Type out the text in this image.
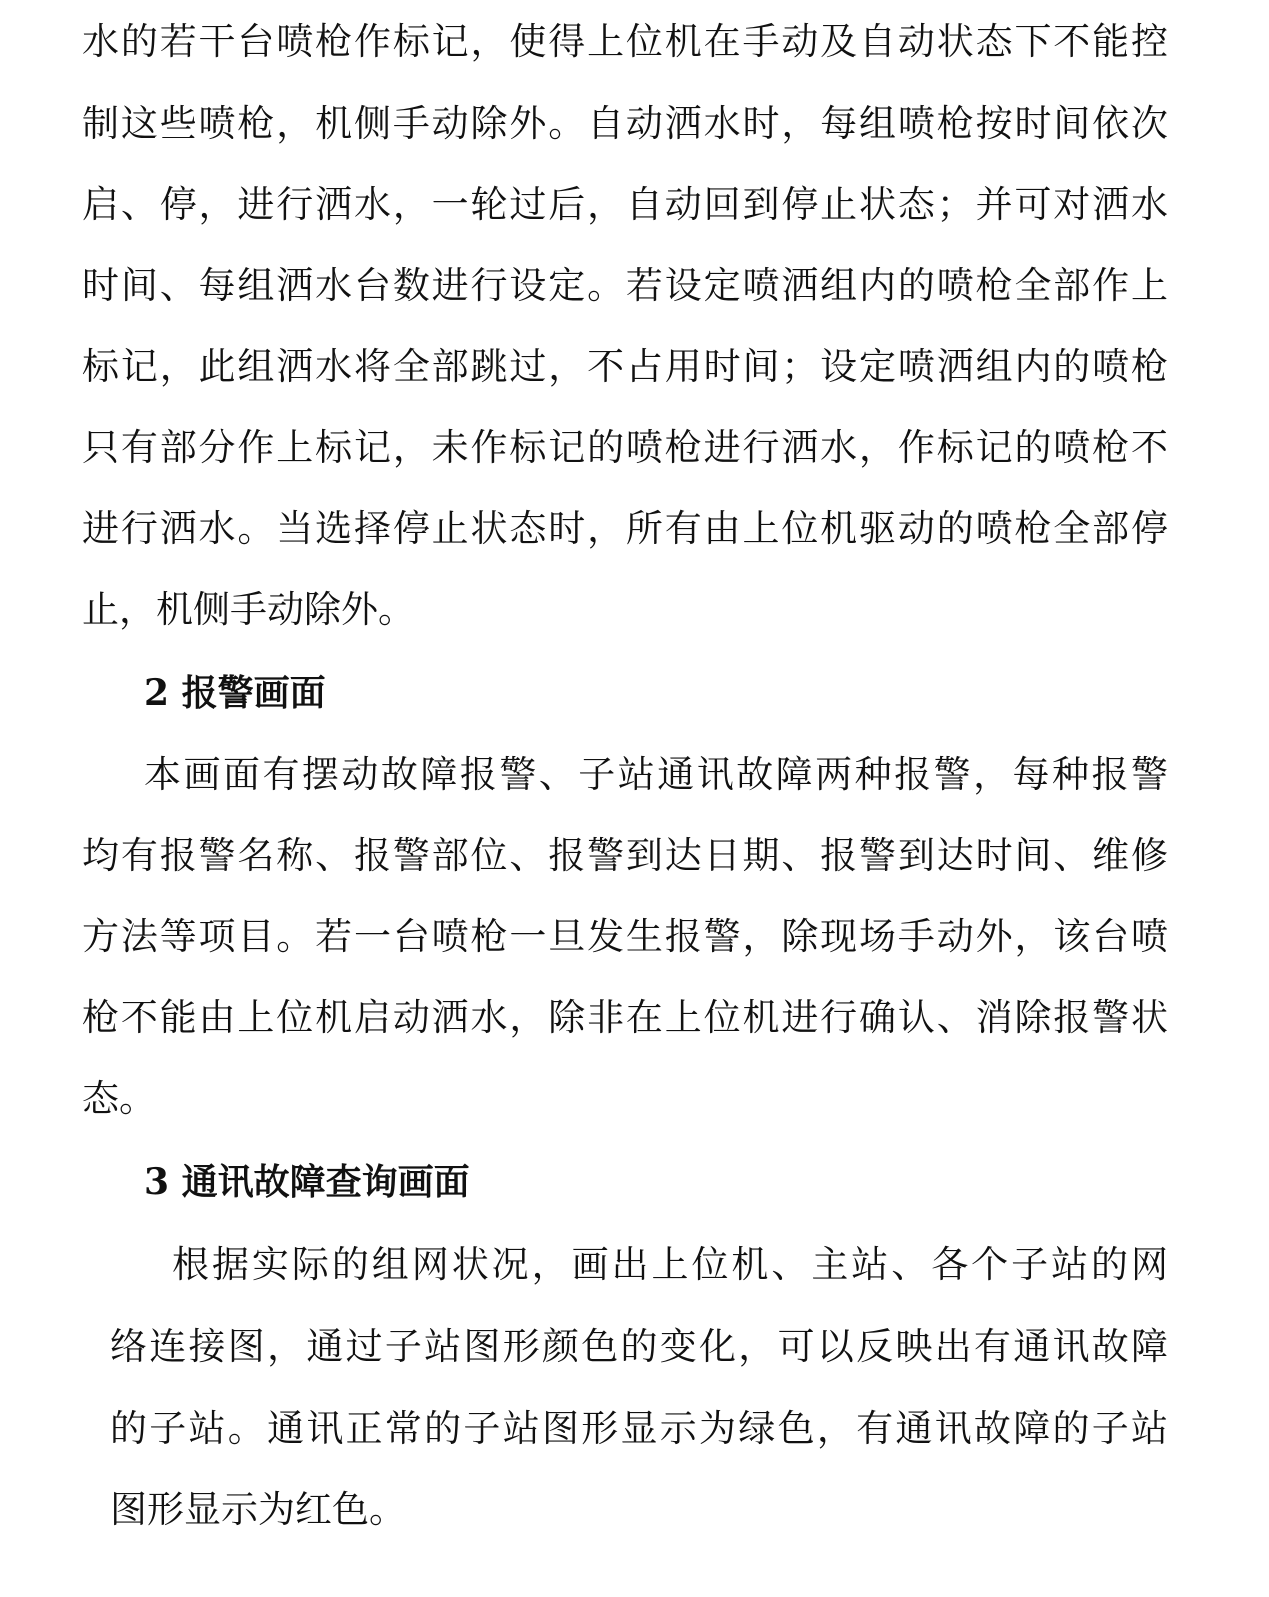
水的若干台喷枪作标记，使得上位机在手动及自动状态下不能控
制这些喷枪，机侧手动除外。自动洒水时，每组喷枪按时间依次
启、停，进行洒水，一轮过后，自动回到停止状态；并可对洒水
时间、每组洒水台数进行设定。若设定喷洒组内的喷枪全部作上
标记，此组洒水将全部跳过，不占用时间；设定喷洒组内的喷枪
只有部分作上标记，未作标记的喷枪进行洒水，作标记的喷枪不
进行洒水。当选择停止状态时，所有由上位机驱动的喷枪全部停
止，机侧手动除外。
2 报警画面
本画面有摆动故障报警、子站通讯故障两种报警，每种报警
均有报警名称、报警部位、报警到达日期、报警到达时间、维修
方法等项目。若一台喷枪一旦发生报警，除现场手动外，该台喷
枪不能由上位机启动洒水，除非在上位机进行确认、消除报警状
态。
3 通讯故障查询画面
根据实际的组网状况，画出上位机、主站、各个子站的网
络连接图，通过子站图形颜色的变化，可以反映出有通讯故障
的子站。通讯正常的子站图形显示为绿色，有通讯故障的子站
图形显示为红色。
